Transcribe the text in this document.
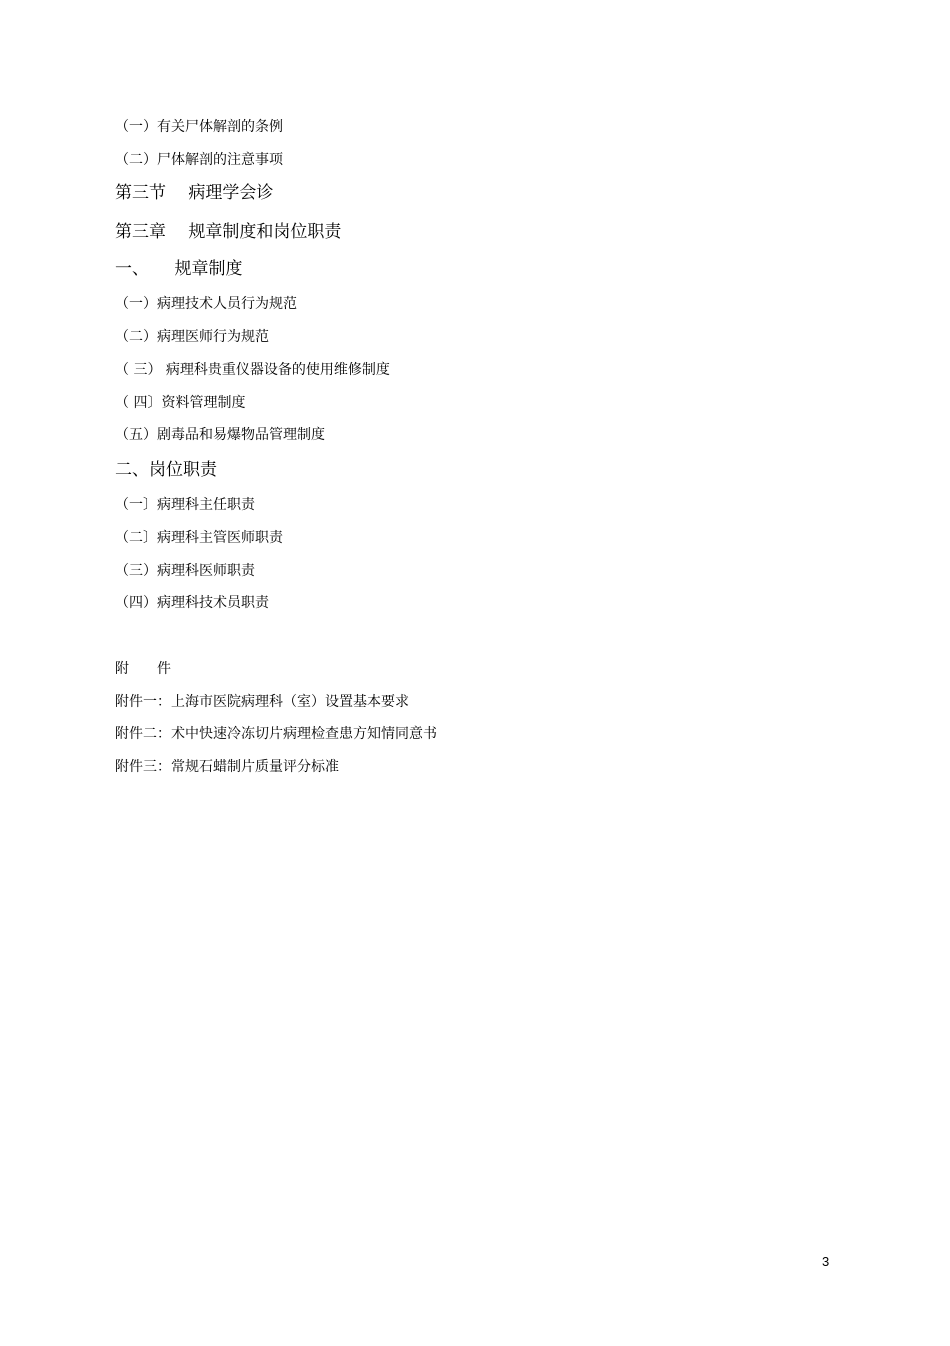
（一）有关尸体解剖的条例
（二）尸体解剖的注意事项
第三节　 病理学会诊
第三章　 规章制度和岗位职责
一、　　规章制度
（一）病理技术人员行为规范
（二）病理医师行为规范
（ 三） 病理科贵重仪器设备的使用维修制度
（ 四〕资料管理制度
（五）剧毒品和易爆物品管理制度
二、岗位职责
（一〕病理科主任职责
（二〕病理科主管医师职责
（三）病理科医师职责
（四）病理科技术员职责
附　　件
附件一：上海市医院病理科（室）设置基本要求
附件二：术中快速冷冻切片病理检查患方知情同意书
附件三：常规石蜡制片质量评分标准
3
